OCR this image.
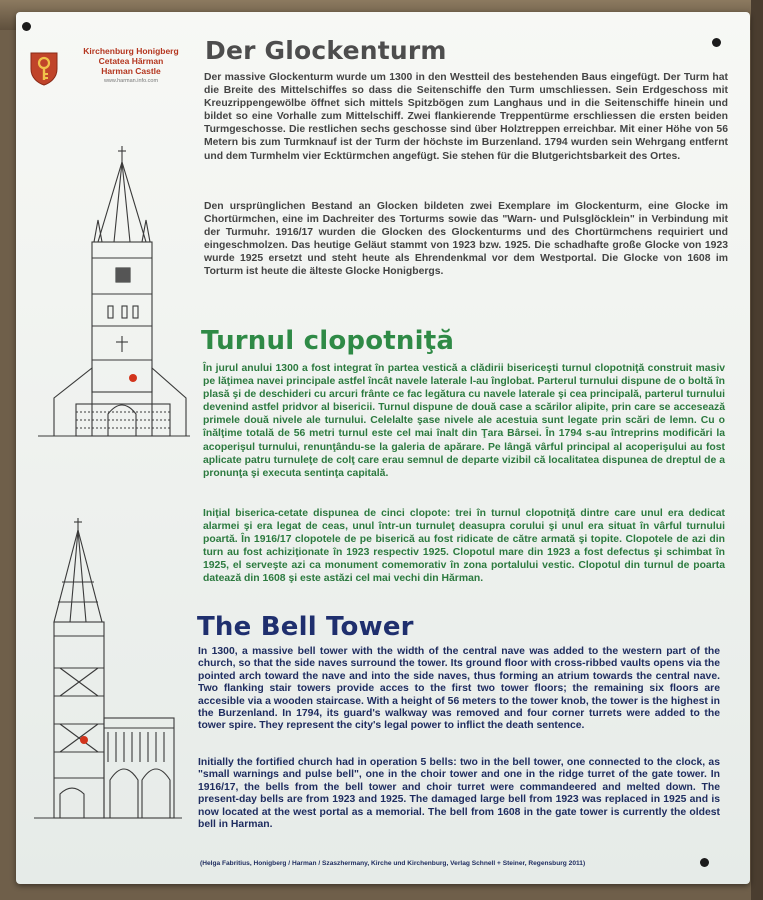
Kirchenburg Honigberg
Cetatea Hărman
Harman Castle
www.harman.info.com
Der Glockenturm

Der massive Glockenturm wurde um 1300 in den Westteil des bestehenden Baus eingefügt. Der Turm hat die Breite des Mittelschiffes so dass die Seitenschiffe den Turm umschliessen. Sein Erdgeschoss mit Kreuzrippengewölbe öffnet sich mittels Spitzbögen zum Langhaus und in die Seitenschiffe hinein und bildet so eine Vorhalle zum Mittelschiff. Zwei flankierende Treppentürme erschliessen die ersten beiden Turmgeschosse. Die restlichen sechs geschosse sind über Holztreppen erreichbar. Mit einer Höhe von 56 Metern bis zum Turmknauf ist der Turm der höchste im Burzenland. 1794 wurden sein Wehrgang entfernt und dem Turmhelm vier Ecktürmchen angefügt. Sie stehen für die Blutgerichtsbarkeit des Ortes.

Den ursprünglichen Bestand an Glocken bildeten zwei Exemplare im Glockenturm, eine Glocke im Chortürmchen, eine im Dachreiter des Torturms sowie das "Warn- und Pulsglöcklein" in Verbindung mit der Turmuhr. 1916/17 wurden die Glocken des Glockenturms und des Chortürmchens requiriert und eingeschmolzen. Das heutige Geläut stammt von 1923 bzw. 1925. Die schadhafte große Glocke von 1923 wurde 1925 ersetzt und steht heute als Ehrendenkmal vor dem Westportal. Die Glocke von 1608 im Torturm ist heute die älteste Glocke Honigbergs.

Turnul clopotniţă

În jurul anului 1300 a fost integrat în partea vestică a clădirii bisericeşti turnul clopotniţă construit masiv pe lăţimea navei principale astfel încât navele laterale l-au înglobat. Parterul turnului dispune de o boltă în plasă şi de deschideri cu arcuri frânte ce fac legătura cu navele laterale şi cea principală, parterul turnului devenind astfel pridvor al bisericii. Turnul dispune de două case a scărilor alipite, prin care se accesează primele două nivele ale turnului. Celelalte şase nivele ale acestuia sunt legate prin scări de lemn. Cu o înălţime totală de 56 metri turnul este cel mai înalt din Ţara Bârsei. În 1794 s-au întreprins modificări la acoperişul turnului, renunţându-se la galeria de apărare. Pe lângă vârful principal al acoperişului au fost aplicate patru turnuleţe de colţ care erau semnul de departe vizibil că localitatea dispunea de dreptul de a pronunţa şi executa sentinţa capitală.

Iniţial biserica-cetate dispunea de cinci clopote: trei în turnul clopotniţă dintre care unul era dedicat alarmei şi era legat de ceas, unul într-un turnuleţ deasupra corului şi unul era situat în vârful turnului poartă. În 1916/17 clopotele de pe biserică au fost ridicate de către armată şi topite. Clopotele de azi din turn au fost achiziţionate în 1923 respectiv 1925. Clopotul mare din 1923 a fost defectus şi schimbat în 1925, el serveşte azi ca monument comemorativ în zona portalului vestic. Clopotul din turnul de poarta datează din 1608 şi este astăzi cel mai vechi din Hărman.

The Bell Tower

In 1300, a massive bell tower with the width of the central nave was added to the western part of the church, so that the side naves surround the tower. Its ground floor with cross-ribbed vaults opens via the pointed arch toward the nave and into the side naves, thus forming an atrium towards the central nave. Two flanking stair towers provide acces to the first two tower floors; the remaining six floors are accesible via a wooden staircase. With a height of 56 meters to the tower knob, the tower is the highest in the Burzenland. In 1794, its guard's walkway was removed and four corner turrets were added to the tower spire. They represent the city's legal power to inflict the death sentence.

Initially the fortified church had in operation 5 bells: two in the bell tower, one connected to the clock, as "small warnings and pulse bell", one in the choir tower and one in the ridge turret of the gate tower. In 1916/17, the bells from the bell tower and choir turret were commandeered and melted down. The present-day bells are from 1923 and 1925. The damaged large bell from 1923 was replaced in 1925 and is now located at the west portal as a memorial. The bell from 1608 in the gate tower is currently the oldest bell in Harman.

(Helga Fabritius, Honigberg / Harman / Szaszhermany, Kirche und Kirchenburg, Verlag Schnell + Steiner, Regensburg 2011)
